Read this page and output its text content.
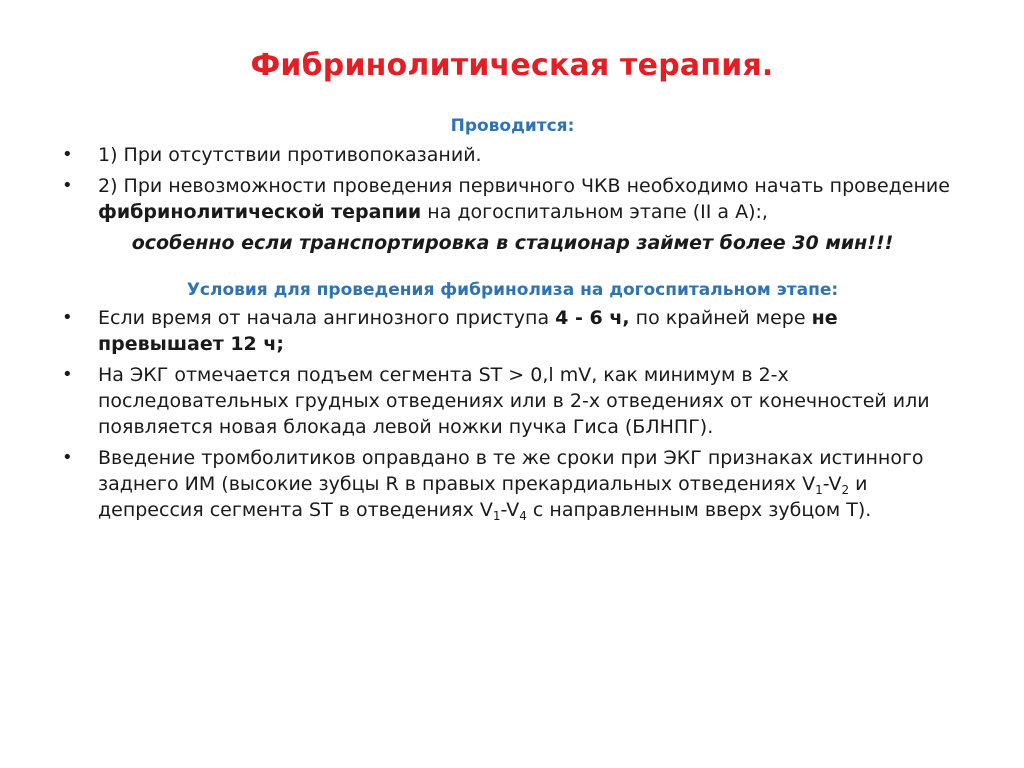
Фибринолитическая терапия.

Проводится:

• 1) При отсутствии противопоказаний.
• 2) При невозможности проведения первичного ЧКВ необходимо начать проведение фибринолитической терапии на догоспитальном этапе (II a A):,

особенно если транспортировка в стационар займет более 30 мин!!!

Условия для проведения фибринолиза на догоспитальном этапе:

• Если время от начала ангинозного приступа 4 - 6 ч, по крайней мере не превышает 12 ч;
• На ЭКГ отмечается подъем сегмента ST > 0,l mV, как минимум в 2-х последовательных грудных отведениях или в 2-х отведениях от конечностей или появляется новая блокада левой ножки пучка Гиса (БЛНПГ).
• Введение тромболитиков оправдано в те же сроки при ЭКГ признаках истинного заднего ИМ (высокие зубцы R в правых прекардиальных отведениях $V_1-V_2$ и депрессия сегмента ST в отведениях $V_1-V_4$ с направленным вверх зубцом Т).
